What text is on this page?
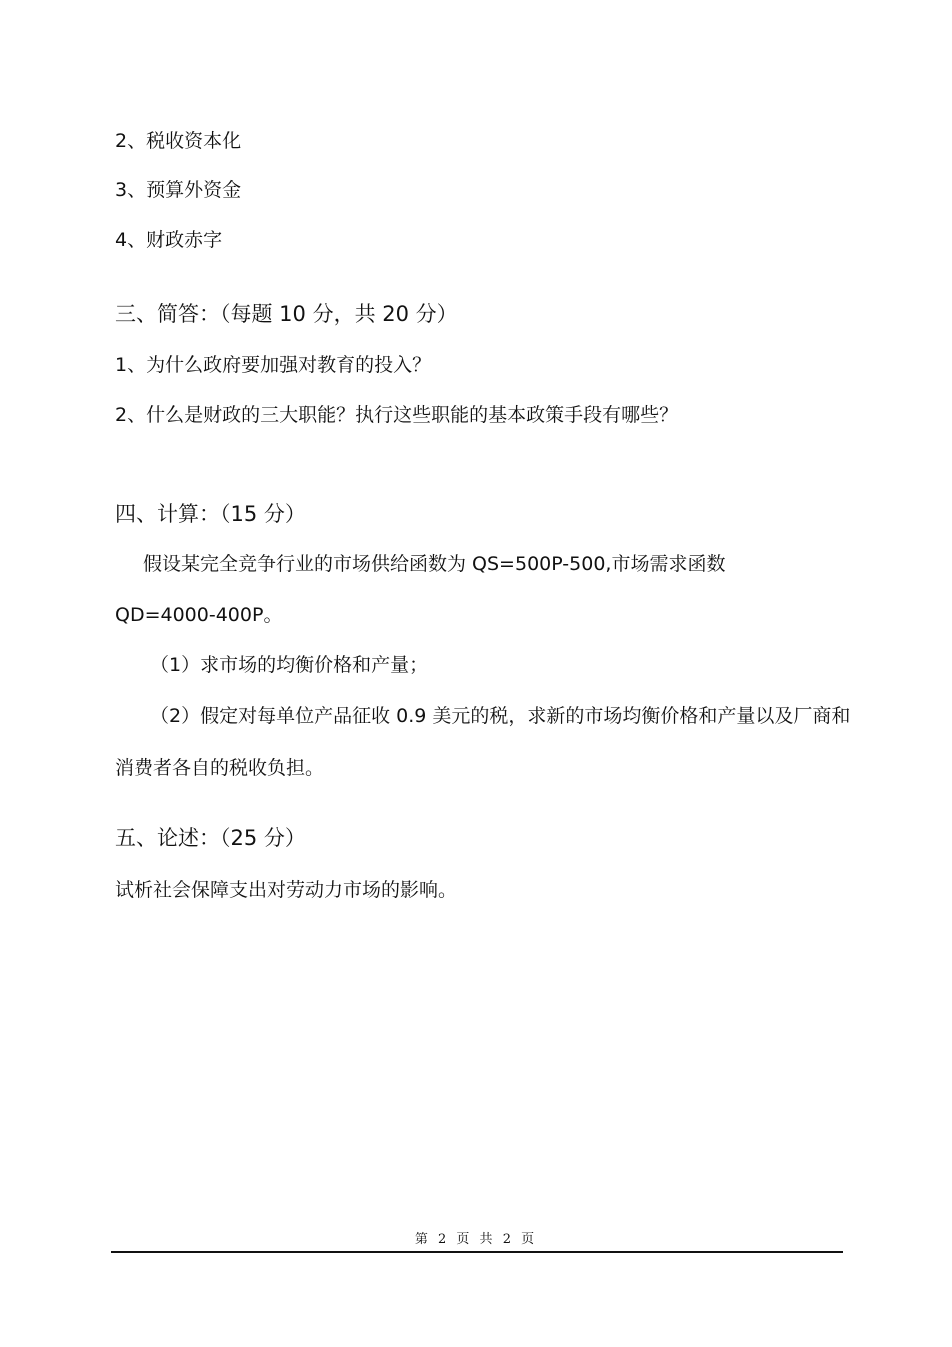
2、税收资本化
3、预算外资金
4、财政赤字
三、简答：（每题 10 分，共 20 分）
1、为什么政府要加强对教育的投入？
2、什么是财政的三大职能？执行这些职能的基本政策手段有哪些？
四、计算：（15 分）
假设某完全竞争行业的市场供给函数为 QS=500P-500,市场需求函数
QD=4000-400P。
（1）求市场的均衡价格和产量；
（2）假定对每单位产品征收 0.9 美元的税，求新的市场均衡价格和产量以及厂商和
消费者各自的税收负担。
五、论述：（25 分）
试析社会保障支出对劳动力市场的影响。
第 2 页 共 2 页
